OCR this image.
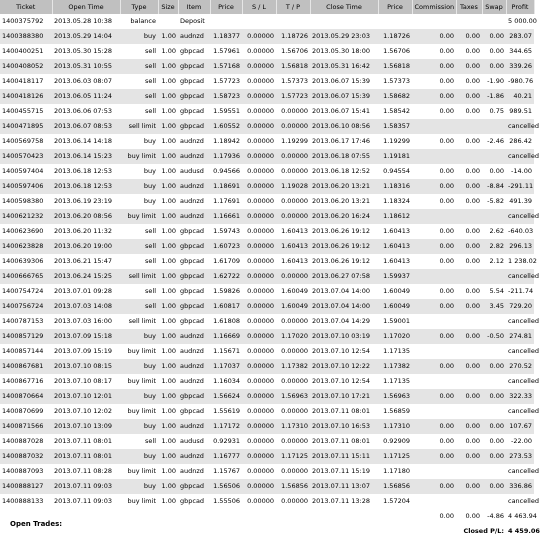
Ticket	Open Time	Type	Size	Item	Price	S / L	T / P	Close Time	Price	Commission	Taxes	Swap	Profit
1400375792	2013.05.28 10:38	balance		Deposit									5 000.00
1400388380	2013.05.29 14:04	buy	1.00	audnzd	1.18377	0.00000	1.18726	2013.05.29 23:03	1.18726	0.00	0.00	0.00	283.07
1400400251	2013.05.30 15:28	sell	1.00	gbpcad	1.57961	0.00000	1.56706	2013.05.30 18:00	1.56706	0.00	0.00	0.00	344.65
1400408052	2013.05.31 10:55	sell	1.00	gbpcad	1.57168	0.00000	1.56818	2013.05.31 16:42	1.56818	0.00	0.00	0.00	339.26
1400418117	2013.06.03 08:07	sell	1.00	gbpcad	1.57723	0.00000	1.57373	2013.06.07 15:39	1.57373	0.00	0.00	-1.90	-980.76
1400418126	2013.06.05 11:24	sell	1.00	gbpcad	1.58723	0.00000	1.57723	2013.06.07 15:39	1.58682	0.00	0.00	-1.86	40.21
1400455715	2013.06.06 07:53	sell	1.00	gbpcad	1.59551	0.00000	0.00000	2013.06.07 15:41	1.58542	0.00	0.00	0.75	989.51
1400471895	2013.06.07 08:53	sell limit	1.00	gbpcad	1.60552	0.00000	0.00000	2013.06.10 08:56	1.58357				cancelled
1400569758	2013.06.14 14:18	buy	1.00	audnzd	1.18942	0.00000	1.19299	2013.06.17 17:46	1.19299	0.00	0.00	-2.46	286.42
1400570423	2013.06.14 15:23	buy limit	1.00	audnzd	1.17936	0.00000	0.00000	2013.06.18 07:55	1.19181				cancelled
1400597404	2013.06.18 12:53	buy	1.00	audusd	0.94566	0.00000	0.00000	2013.06.18 12:52	0.94554	0.00	0.00	0.00	-14.00
1400597406	2013.06.18 12:53	buy	1.00	audnzd	1.18691	0.00000	1.19028	2013.06.20 13:21	1.18316	0.00	0.00	-8.84	-291.11
1400598380	2013.06.19 23:19	buy	1.00	audnzd	1.17691	0.00000	0.00000	2013.06.20 13:21	1.18324	0.00	0.00	-5.82	491.39
1400621232	2013.06.20 08:56	buy limit	1.00	audnzd	1.16661	0.00000	0.00000	2013.06.20 16:24	1.18612				cancelled
1400623690	2013.06.20 11:32	sell	1.00	gbpcad	1.59743	0.00000	1.60413	2013.06.26 19:12	1.60413	0.00	0.00	2.62	-640.03
1400623828	2013.06.20 19:00	sell	1.00	gbpcad	1.60723	0.00000	1.60413	2013.06.26 19:12	1.60413	0.00	0.00	2.82	296.13
1400639306	2013.06.21 15:47	sell	1.00	gbpcad	1.61709	0.00000	1.60413	2013.06.26 19:12	1.60413	0.00	0.00	2.12	1 238.02
1400666765	2013.06.24 15:25	sell limit	1.00	gbpcad	1.62722	0.00000	0.00000	2013.06.27 07:58	1.59937				cancelled
1400754724	2013.07.01 09:28	sell	1.00	gbpcad	1.59826	0.00000	1.60049	2013.07.04 14:00	1.60049	0.00	0.00	5.54	-211.74
1400756724	2013.07.03 14:08	sell	1.00	gbpcad	1.60817	0.00000	1.60049	2013.07.04 14:00	1.60049	0.00	0.00	3.45	729.20
1400787153	2013.07.03 16:00	sell limit	1.00	gbpcad	1.61808	0.00000	0.00000	2013.07.04 14:29	1.59001				cancelled
1400857129	2013.07.09 15:18	buy	1.00	audnzd	1.16669	0.00000	1.17020	2013.07.10 03:19	1.17020	0.00	0.00	-0.50	274.81
1400857144	2013.07.09 15:19	buy limit	1.00	audnzd	1.15671	0.00000	0.00000	2013.07.10 12:54	1.17135				cancelled
1400867681	2013.07.10 08:15	buy	1.00	audnzd	1.17037	0.00000	1.17382	2013.07.10 12:22	1.17382	0.00	0.00	0.00	270.52
1400867716	2013.07.10 08:17	buy limit	1.00	audnzd	1.16034	0.00000	0.00000	2013.07.10 12:54	1.17135				cancelled
1400870664	2013.07.10 12:01	buy	1.00	gbpcad	1.56624	0.00000	1.56963	2013.07.10 17:21	1.56963	0.00	0.00	0.00	322.33
1400870699	2013.07.10 12:02	buy limit	1.00	gbpcad	1.55619	0.00000	0.00000	2013.07.11 08:01	1.56859				cancelled
1400871566	2013.07.10 13:09	buy	1.00	audnzd	1.17172	0.00000	1.17310	2013.07.10 16:53	1.17310	0.00	0.00	0.00	107.67
1400887028	2013.07.11 08:01	sell	1.00	audusd	0.92931	0.00000	0.00000	2013.07.11 08:01	0.92909	0.00	0.00	0.00	-22.00
1400887032	2013.07.11 08:01	buy	1.00	audnzd	1.16777	0.00000	1.17125	2013.07.11 15:11	1.17125	0.00	0.00	0.00	273.53
1400887093	2013.07.11 08:28	buy limit	1.00	audnzd	1.15767	0.00000	0.00000	2013.07.11 15:19	1.17180				cancelled
1400888127	2013.07.11 09:03	buy	1.00	gbpcad	1.56506	0.00000	1.56856	2013.07.11 13:07	1.56856	0.00	0.00	0.00	336.86
1400888133	2013.07.11 09:03	buy limit	1.00	gbpcad	1.55506	0.00000	0.00000	2013.07.11 13:28	1.57204				cancelled
										0.00	0.00	-4.86	4 463.94
										Closed P/L:			4 459.06
Open Trades:
